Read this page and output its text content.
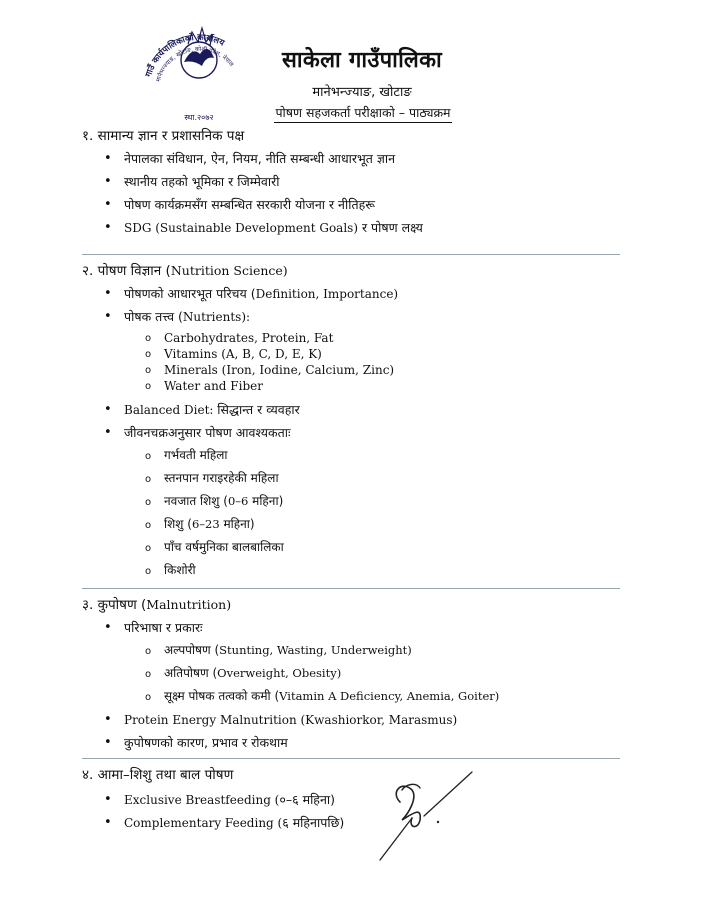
गाउँ कार्यपालिकाको कार्यालय
मानेभन्ज्याङ, खोटाङ, कोशी प्रदेश, नेपाल
स्था.२०७२
साकेला गाउँपालिका
मानेभन्ज्याङ, खोटाङ
पोषण सहजकर्ता परीक्षाको – पाठ्यक्रम
१. सामान्य ज्ञान र प्रशासनिक पक्ष
• नेपालका संविधान, ऐन, नियम, नीति सम्बन्धी आधारभूत ज्ञान
• स्थानीय तहको भूमिका र जिम्मेवारी
• पोषण कार्यक्रमसँग सम्बन्धित सरकारी योजना र नीतिहरू
• SDG (Sustainable Development Goals) र पोषण लक्ष्य
२. पोषण विज्ञान (Nutrition Science)
• पोषणको आधारभूत परिचय (Definition, Importance)
• पोषक तत्त्व (Nutrients):
o Carbohydrates, Protein, Fat
o Vitamins (A, B, C, D, E, K)
o Minerals (Iron, Iodine, Calcium, Zinc)
o Water and Fiber
• Balanced Diet: सिद्धान्त र व्यवहार
• जीवनचक्रअनुसार पोषण आवश्यकताः
o गर्भवती महिला
o स्तनपान गराइरहेकी महिला
o नवजात शिशु (0–6 महिना)
o शिशु (6–23 महिना)
o पाँच वर्षमुनिका बालबालिका
o किशोरी
३. कुपोषण (Malnutrition)
• परिभाषा र प्रकारः
o अल्पपोषण (Stunting, Wasting, Underweight)
o अतिपोषण (Overweight, Obesity)
o सूक्ष्म पोषक तत्वको कमी (Vitamin A Deficiency, Anemia, Goiter)
• Protein Energy Malnutrition (Kwashiorkor, Marasmus)
• कुपोषणको कारण, प्रभाव र रोकथाम
४. आमा–शिशु तथा बाल पोषण
• Exclusive Breastfeeding (०–६ महिना)
• Complementary Feeding (६ महिनापछि)
